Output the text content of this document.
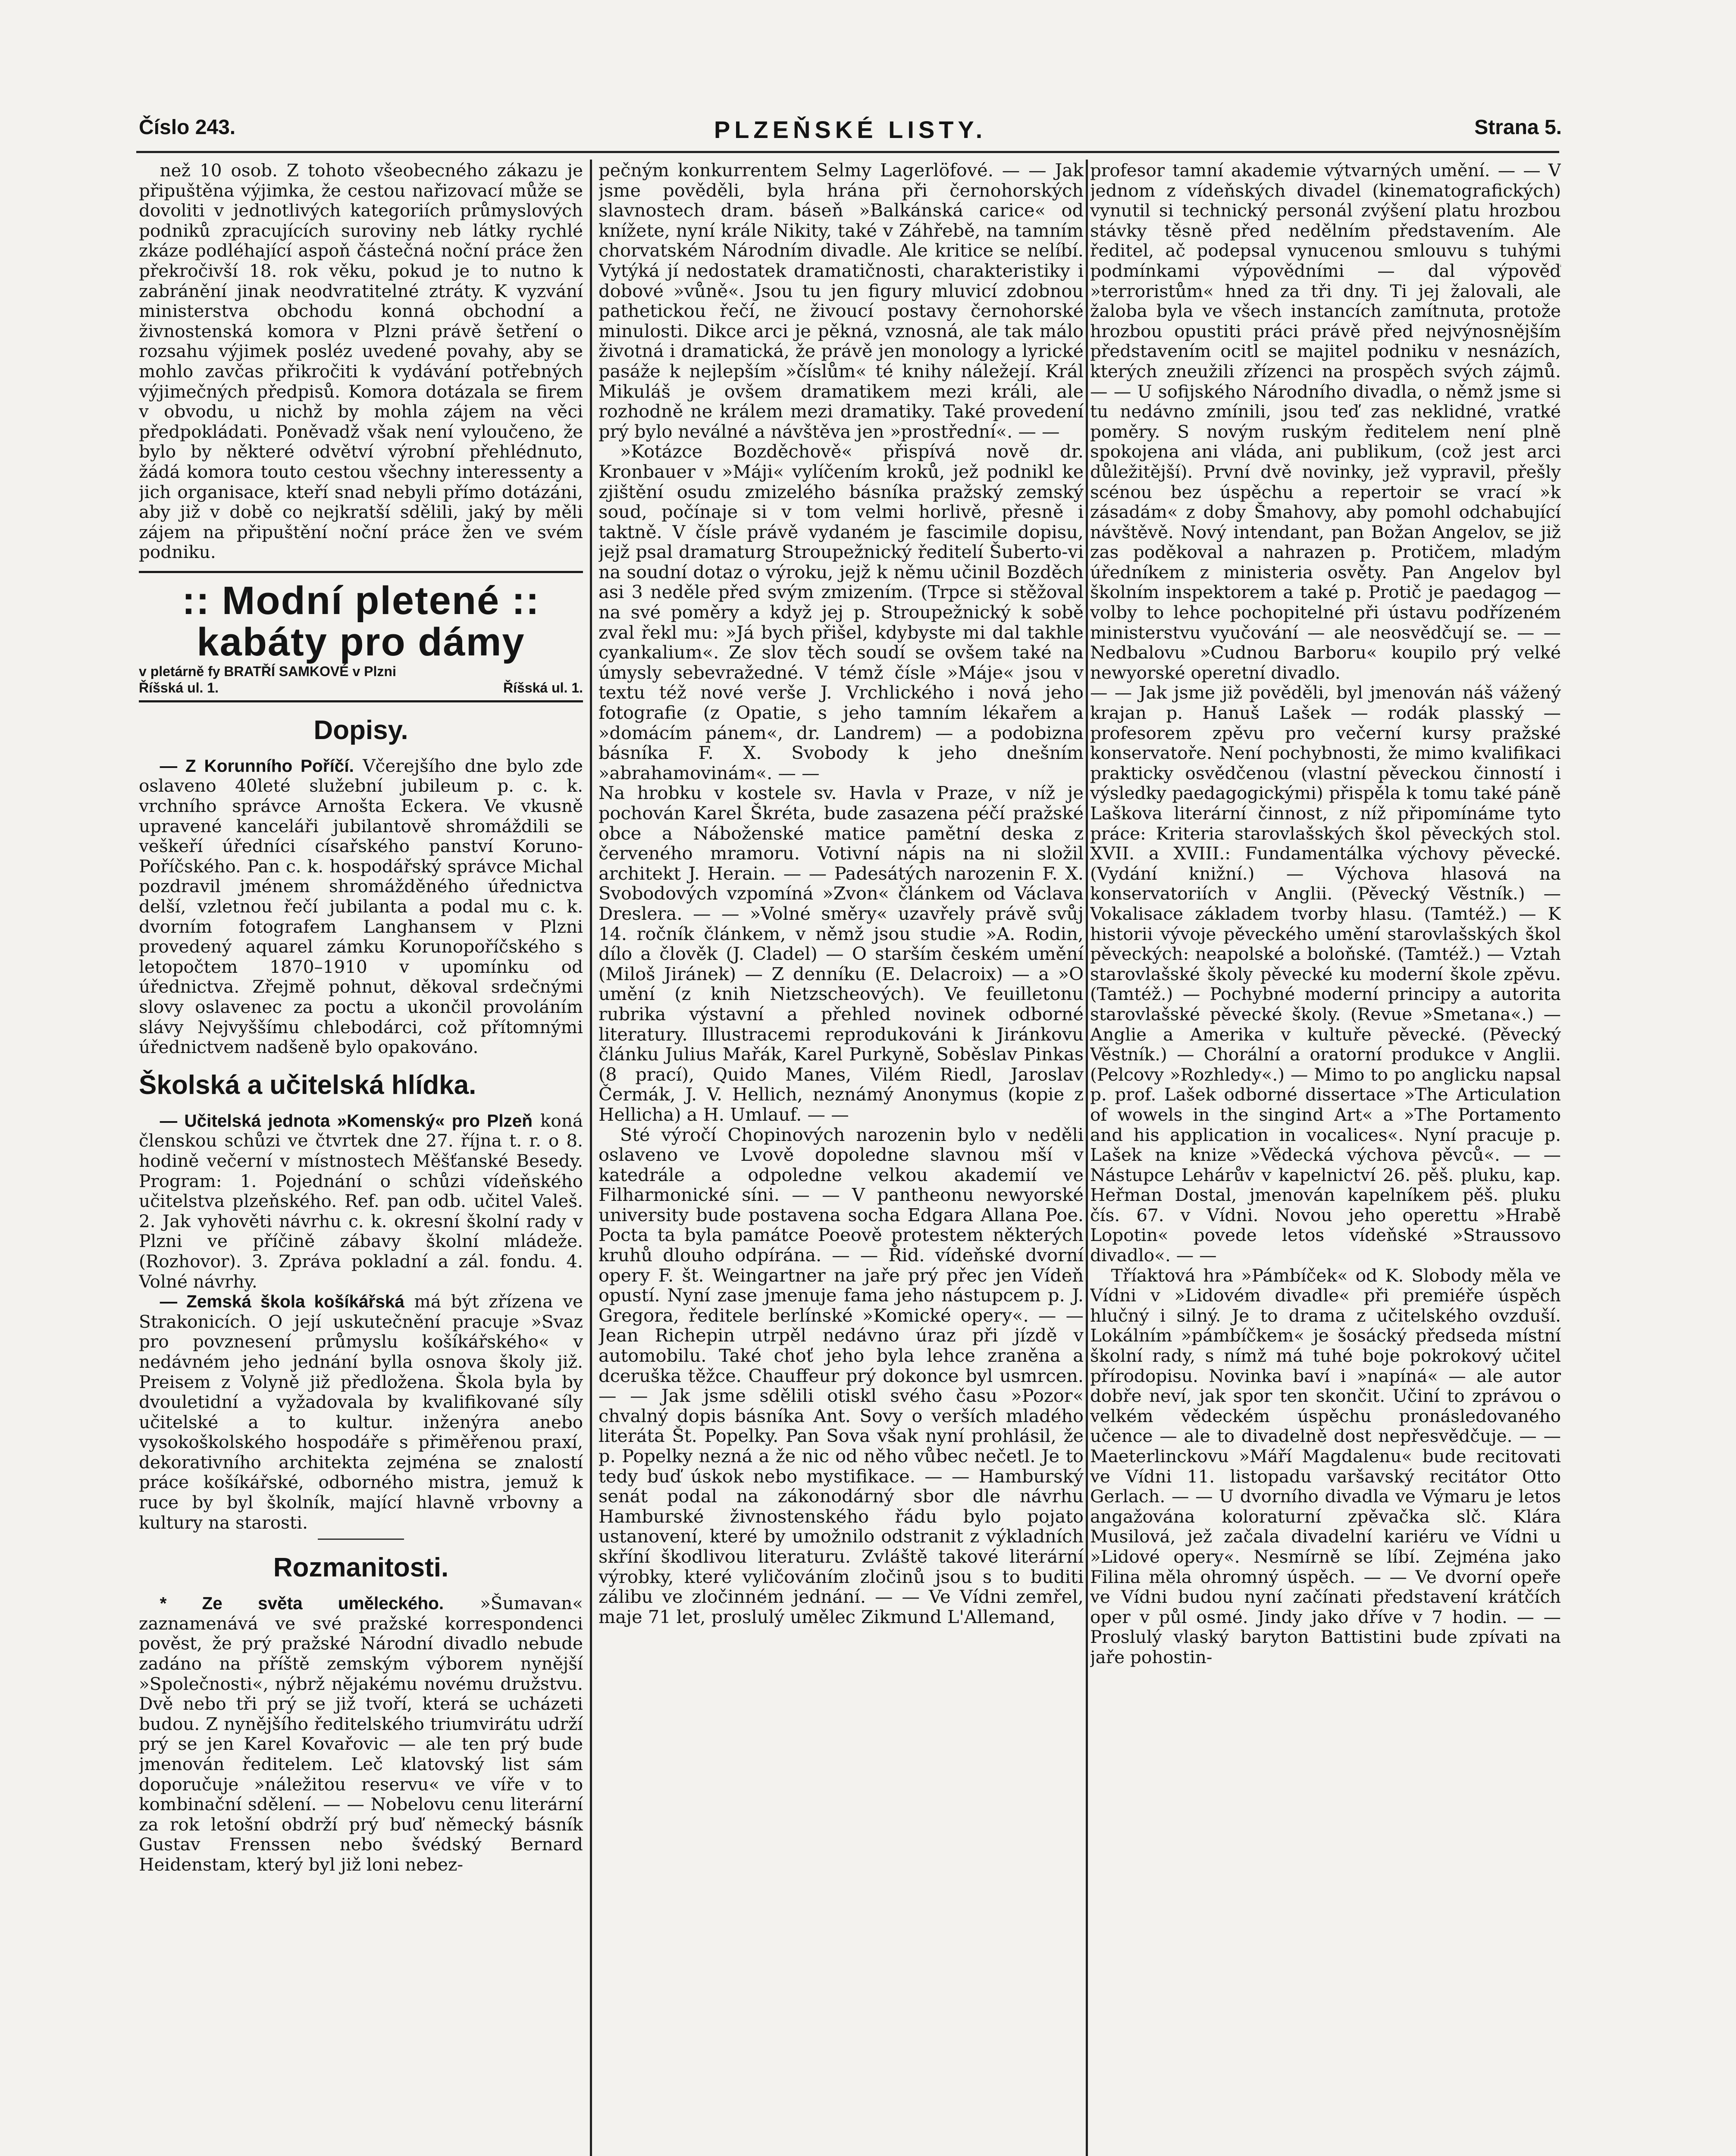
Číslo 243.	PLZEŇSKÉ LISTY.	Strana 5.

než 10 osob. Z tohoto všeobecného zákazu je připuštěna výjimka, že cestou nařizovací může se dovoliti v jednotlivých kategoriích průmyslových podniků zpracujících suroviny neb látky rychlé zkáze podléhající aspoň částečná noční práce žen překročivší 18. rok věku, pokud je to nutno k zabránění jinak neodvratitelné ztráty. K vyzvání ministerstva obchodu konná obchodní a živnostenská komora v Plzni právě šetření o rozsahu výjimek posléz uvedené povahy, aby se mohlo zavčas přikročiti k vydávání potřebných výjimečných předpisů. Komora dotázala se firem v obvodu, u nichž by mohla zájem na věci předpokládati. Poněvadž však není vyloučeno, že bylo by některé odvětví výrobní přehlédnuto, žádá komora touto cestou všechny interessenty a jich organisace, kteří snad nebyli přímo dotázáni, aby již v době co nejkratší sdělili, jaký by měli zájem na připuštění noční práce žen ve svém podniku.

:: Modní pletené ::
kabáty pro dámy
v pletárně fy BRATŘÍ SAMKOVÉ v Plzni
Říšská ul. 1.	Říšská ul. 1.
Dopisy.

— Z Korunního Poříčí. Včerejšího dne bylo zde oslaveno 40leté služební jubileum p. c. k. vrchního správce Arnošta Eckera. Ve vkusně upravené kanceláři jubilantově shromáždili se veškeří úředníci císařského panství Koruno-Poříčského. Pan c. k. hospodářský správce Michal pozdravil jménem shromážděného úřednictva delší, vzletnou řečí jubilanta a podal mu c. k. dvorním fotografem Langhansem v Plzni provedený aquarel zámku Korunopoříčského s letopočtem 1870–1910 v upomínku od úřednictva. Zřejmě pohnut, děkoval srdečnými slovy oslavenec za poctu a ukončil provoláním slávy Nejvyššímu chlebodárci, což přítomnými úřednictvem nadšeně bylo opakováno.

Školská a učitelská hlídka.

— Učitelská jednota »Komenský« pro Plzeň koná členskou schůzi ve čtvrtek dne 27. října t. r. o 8. hodině večerní v místnostech Měšťanské Besedy. Program: 1. Pojednání o schůzi vídeňského učitelstva plzeňského. Ref. pan odb. učitel Valeš. 2. Jak vyhověti návrhu c. k. okresní školní rady v Plzni ve příčině zábavy školní mládeže. (Rozhovor). 3. Zpráva pokladní a zál. fondu. 4. Volné návrhy.

— Zemská škola košíkářská má být zřízena ve Strakonicích. O její uskutečnění pracuje »Svaz pro povznesení průmyslu košíkářského« v nedávném jeho jednání bylla osnova školy již. Preisem z Volyně již předložena. Škola byla by dvouletidní a vyžadovala by kvalifikované síly učitelské a to kultur. inženýra anebo vysokoškolského hospodáře s přiměřenou praxí, dekorativního architekta zejména se znalostí práce košíkářské, odborného mistra, jemuž k ruce by byl školník, mající hlavně vrbovny a kultury na starosti.

Rozmanitosti.

* Ze světa uměleckého. »Šumavan« zaznamenává ve své pražské korrespondenci pověst, že prý pražské Národní divadlo nebude zadáno na příště zemským výborem nynější »Společnosti«, nýbrž nějakému novému družstvu. Dvě nebo tři prý se již tvoří, která se ucházeti budou. Z nynějšího ředitelského triumvirátu udrží prý se jen Karel Kovařovic — ale ten prý bude jmenován ředitelem. Leč klatovský list sám doporučuje »náležitou reservu« ve víře v to kombinační sdělení. — — Nobelovu cenu literární za rok letošní obdrží prý buď německý básník Gustav Frenssen nebo švédský Bernard Heidenstam, který byl již loni nebez-

pečným konkurrentem Selmy Lagerlöfové. — — Jak jsme pověděli, byla hrána při černohorských slavnostech dram. báseň »Balkánská carice« od knížete, nyní krále Nikity, také v Záhřebě, na tamním chorvatském Národním divadle. Ale kritice se nelíbí. Vytýká jí nedostatek dramatičnosti, charakteristiky i dobové »vůně«. Jsou tu jen figury mluvicí zdobnou pathetickou řečí, ne živoucí postavy černohorské minulosti. Dikce arci je pěkná, vznosná, ale tak málo životná i dramatická, že právě jen monology a lyrické pasáže k nejlepším »číslům« té knihy náležejí. Král Mikuláš je ovšem dramatikem mezi králi, ale rozhodně ne králem mezi dramatiky. Také provedení prý bylo neválné a návštěva jen »prostřední«. — —

»Kotázce Bozděchově« přispívá nově dr. Kronbauer v »Máji« vylíčením kroků, jež podnikl ke zjištění osudu zmizelého básníka pražský zemský soud, počínaje si v tom velmi horlivě, přesně i taktně. V čísle právě vydaném je fascimile dopisu, jejž psal dramaturg Stroupežnický ředitelí Šuberto-vi na soudní dotaz o výroku, jejž k němu učinil Bozděch asi 3 neděle před svým zmizením. (Trpce si stěžoval na své poměry a když jej p. Stroupežnický k sobě zval řekl mu: »Já bych přišel, kdybyste mi dal takhle cyankalium«. Ze slov těch soudí se ovšem také na úmysly sebevražedné. V témž čísle »Máje« jsou v textu též nové verše J. Vrchlického i nová jeho fotografie (z Opatie, s jeho tamním lékařem a »domácím pánem«, dr. Landrem) — a podobizna básníka F. X. Svobody k jeho dnešním »abrahamovinám«. — —

Na hrobku v kostele sv. Havla v Praze, v níž je pochován Karel Škréta, bude zasazena péčí pražské obce a Náboženské matice pamětní deska z červeného mramoru. Votivní nápis na ni složil architekt J. Herain. — — Padesátých narozenin F. X. Svobodových vzpomíná »Zvon« článkem od Václava Dreslera. — — »Volné směry« uzavřely právě svůj 14. ročník článkem, v němž jsou studie »A. Rodin, dílo a člověk (J. Cladel) — O starším českém umění (Miloš Jiránek) — Z denníku (E. Delacroix) — a »O umění (z knih Nietzscheových). Ve feuilletonu rubrika výstavní a přehled novinek odborné literatury. Illustracemi reprodukováni k Jiránkovu článku Julius Mařák, Karel Purkyně, Soběslav Pinkas (8 prací), Quido Manes, Vilém Riedl, Jaroslav Čermák, J. V. Hellich, neznámý Anonymus (kopie z Hellicha) a H. Umlauf. — —

Sté výročí Chopinových narozenin bylo v neděli oslaveno ve Lvově dopoledne slavnou mší v katedrále a odpoledne velkou akademií ve Filharmonické síni. — — V pantheonu newyorské university bude postavena socha Edgara Allana Poe. Pocta ta byla památce Poeově protestem některých kruhů dlouho odpírána. — — Řid. vídeňské dvorní opery F. št. Weingartner na jaře prý přec jen Vídeň opustí. Nyní zase jmenuje fama jeho nástupcem p. J. Gregora, ředitele berlínské »Komické opery«. — — Jean Richepin utrpěl nedávno úraz při jízdě v automobilu. Také choť jeho byla lehce zraněna a dceruška těžce. Chauffeur prý dokonce byl usmrcen. — — Jak jsme sdělili otiskl svého času »Pozor« chvalný dopis básníka Ant. Sovy o verších mladého literáta Št. Popelky. Pan Sova však nyní prohlásil, že p. Popelky nezná a že nic od něho vůbec nečetl. Je to tedy buď úskok nebo mystifikace. — — Hamburský senát podal na zákonodárný sbor dle návrhu Hamburské živnostenského řádu bylo pojato ustanovení, které by umožnilo odstranit z výkladních skříní škodlivou literaturu. Zvláště takové literární výrobky, které vyličováním zločinů jsou s to buditi zálibu ve zločinném jednání. — — Ve Vídni zemřel, maje 71 let, proslulý umělec Zikmund L'Allemand,

profesor tamní akademie výtvarných umění. — — V jednom z vídeňských divadel (kinematografických) vynutil si technický personál zvýšení platu hrozbou stávky těsně před nedělním představením. Ale ředitel, ač podepsal vynucenou smlouvu s tuhými podmínkami výpovědními — dal výpověď »terroristům« hned za tři dny. Ti jej žalovali, ale žaloba byla ve všech instancích zamítnuta, protože hrozbou opustiti práci právě před nejvýnosnějším představením ocitl se majitel podniku v nesnázích, kterých zneužili zřízenci na prospěch svých zájmů. — — U sofijského Národního divadla, o němž jsme si tu nedávno zmínili, jsou teď zas neklidné, vratké poměry. S novým ruským ředitelem není plně spokojena ani vláda, ani publikum, (což jest arci důležitější). První dvě novinky, jež vypravil, přešly scénou bez úspěchu a repertoir se vrací »k zásadám« z doby Šmahovy, aby pomohl odchabující návštěvě. Nový intendant, pan Božan Angelov, se již zas poděkoval a nahrazen p. Protičem, mladým úředníkem z ministeria osvěty. Pan Angelov byl školním inspektorem a také p. Protič je paedagog — volby to lehce pochopitelné při ústavu podřízeném ministerstvu vyučování — ale neosvědčují se. — — Nedbalovu »Cudnou Barboru« koupilo prý velké newyorské operetní divadlo.

— — Jak jsme již pověděli, byl jmenován náš vážený krajan p. Hanuš Lašek — rodák plasský — profesorem zpěvu pro večerní kursy pražské konservatoře. Není pochybnosti, že mimo kvalifikaci prakticky osvědčenou (vlastní pěveckou činností i výsledky paedagogickými) přispěla k tomu také páně Laškova literární činnost, z níž připomínáme tyto práce: Kriteria starovlašských škol pěveckých stol. XVII. a XVIII.: Fundamentálka výchovy pěvecké. (Vydání knižní.) — Výchova hlasová na konservatoriích v Anglii. (Pěvecký Věstník.) — Vokalisace základem tvorby hlasu. (Tamtéž.) — K historii vývoje pěveckého umění starovlašských škol pěveckých: neapolské a boloňské. (Tamtéž.) — Vztah starovlašské školy pěvecké ku moderní škole zpěvu. (Tamtéž.) — Pochybné moderní principy a autorita starovlašské pěvecké školy. (Revue »Smetana«.) — Anglie a Amerika v kultuře pěvecké. (Pěvecký Věstník.) — Chorální a oratorní produkce v Anglii. (Pelcovy »Rozhledy«.) — Mimo to po anglicku napsal p. prof. Lašek odborné dissertace »The Articulation of wowels in the singind Art« a »The Portamento and his application in vocalices«. Nyní pracuje p. Lašek na knize »Vědecká výchova pěvců«. — — Nástupce Lehárův v kapelnictví 26. pěš. pluku, kap. Heřman Dostal, jmenován kapelníkem pěš. pluku čís. 67. v Vídni. Novou jeho operettu »Hrabě Lopotin« povede letos vídeňské »Straussovo divadlo«. — —

Tříaktová hra »Pámbíček« od K. Slobody měla ve Vídni v »Lidovém divadle« při premiéře úspěch hlučný i silný. Je to drama z učitelského ovzduší. Lokálním »pámbíčkem« je šosácký předseda místní školní rady, s nímž má tuhé boje pokrokový učitel přírodopisu. Novinka baví i »napíná« — ale autor dobře neví, jak spor ten skončit. Učiní to zprávou o velkém vědeckém úspěchu pronásledovaného učence — ale to divadelně dost nepřesvědčuje. — — Maeterlinckovu »Máří Magdalenu« bude recitovati ve Vídni 11. listopadu varšavský recitátor Otto Gerlach. — — U dvorního divadla ve Výmaru je letos angažována koloraturní zpěvačka slč. Klára Musilová, jež začala divadelní kariéru ve Vídni u »Lidové opery«. Nesmírně se líbí. Zejména jako Filina měla ohromný úspěch. — — Ve dvorní opeře ve Vídni budou nyní začínati představení krátčích oper v půl osmé. Jindy jako dříve v 7 hodin. — — Proslulý vlaský baryton Battistini bude zpívati na jaře pohostin-
